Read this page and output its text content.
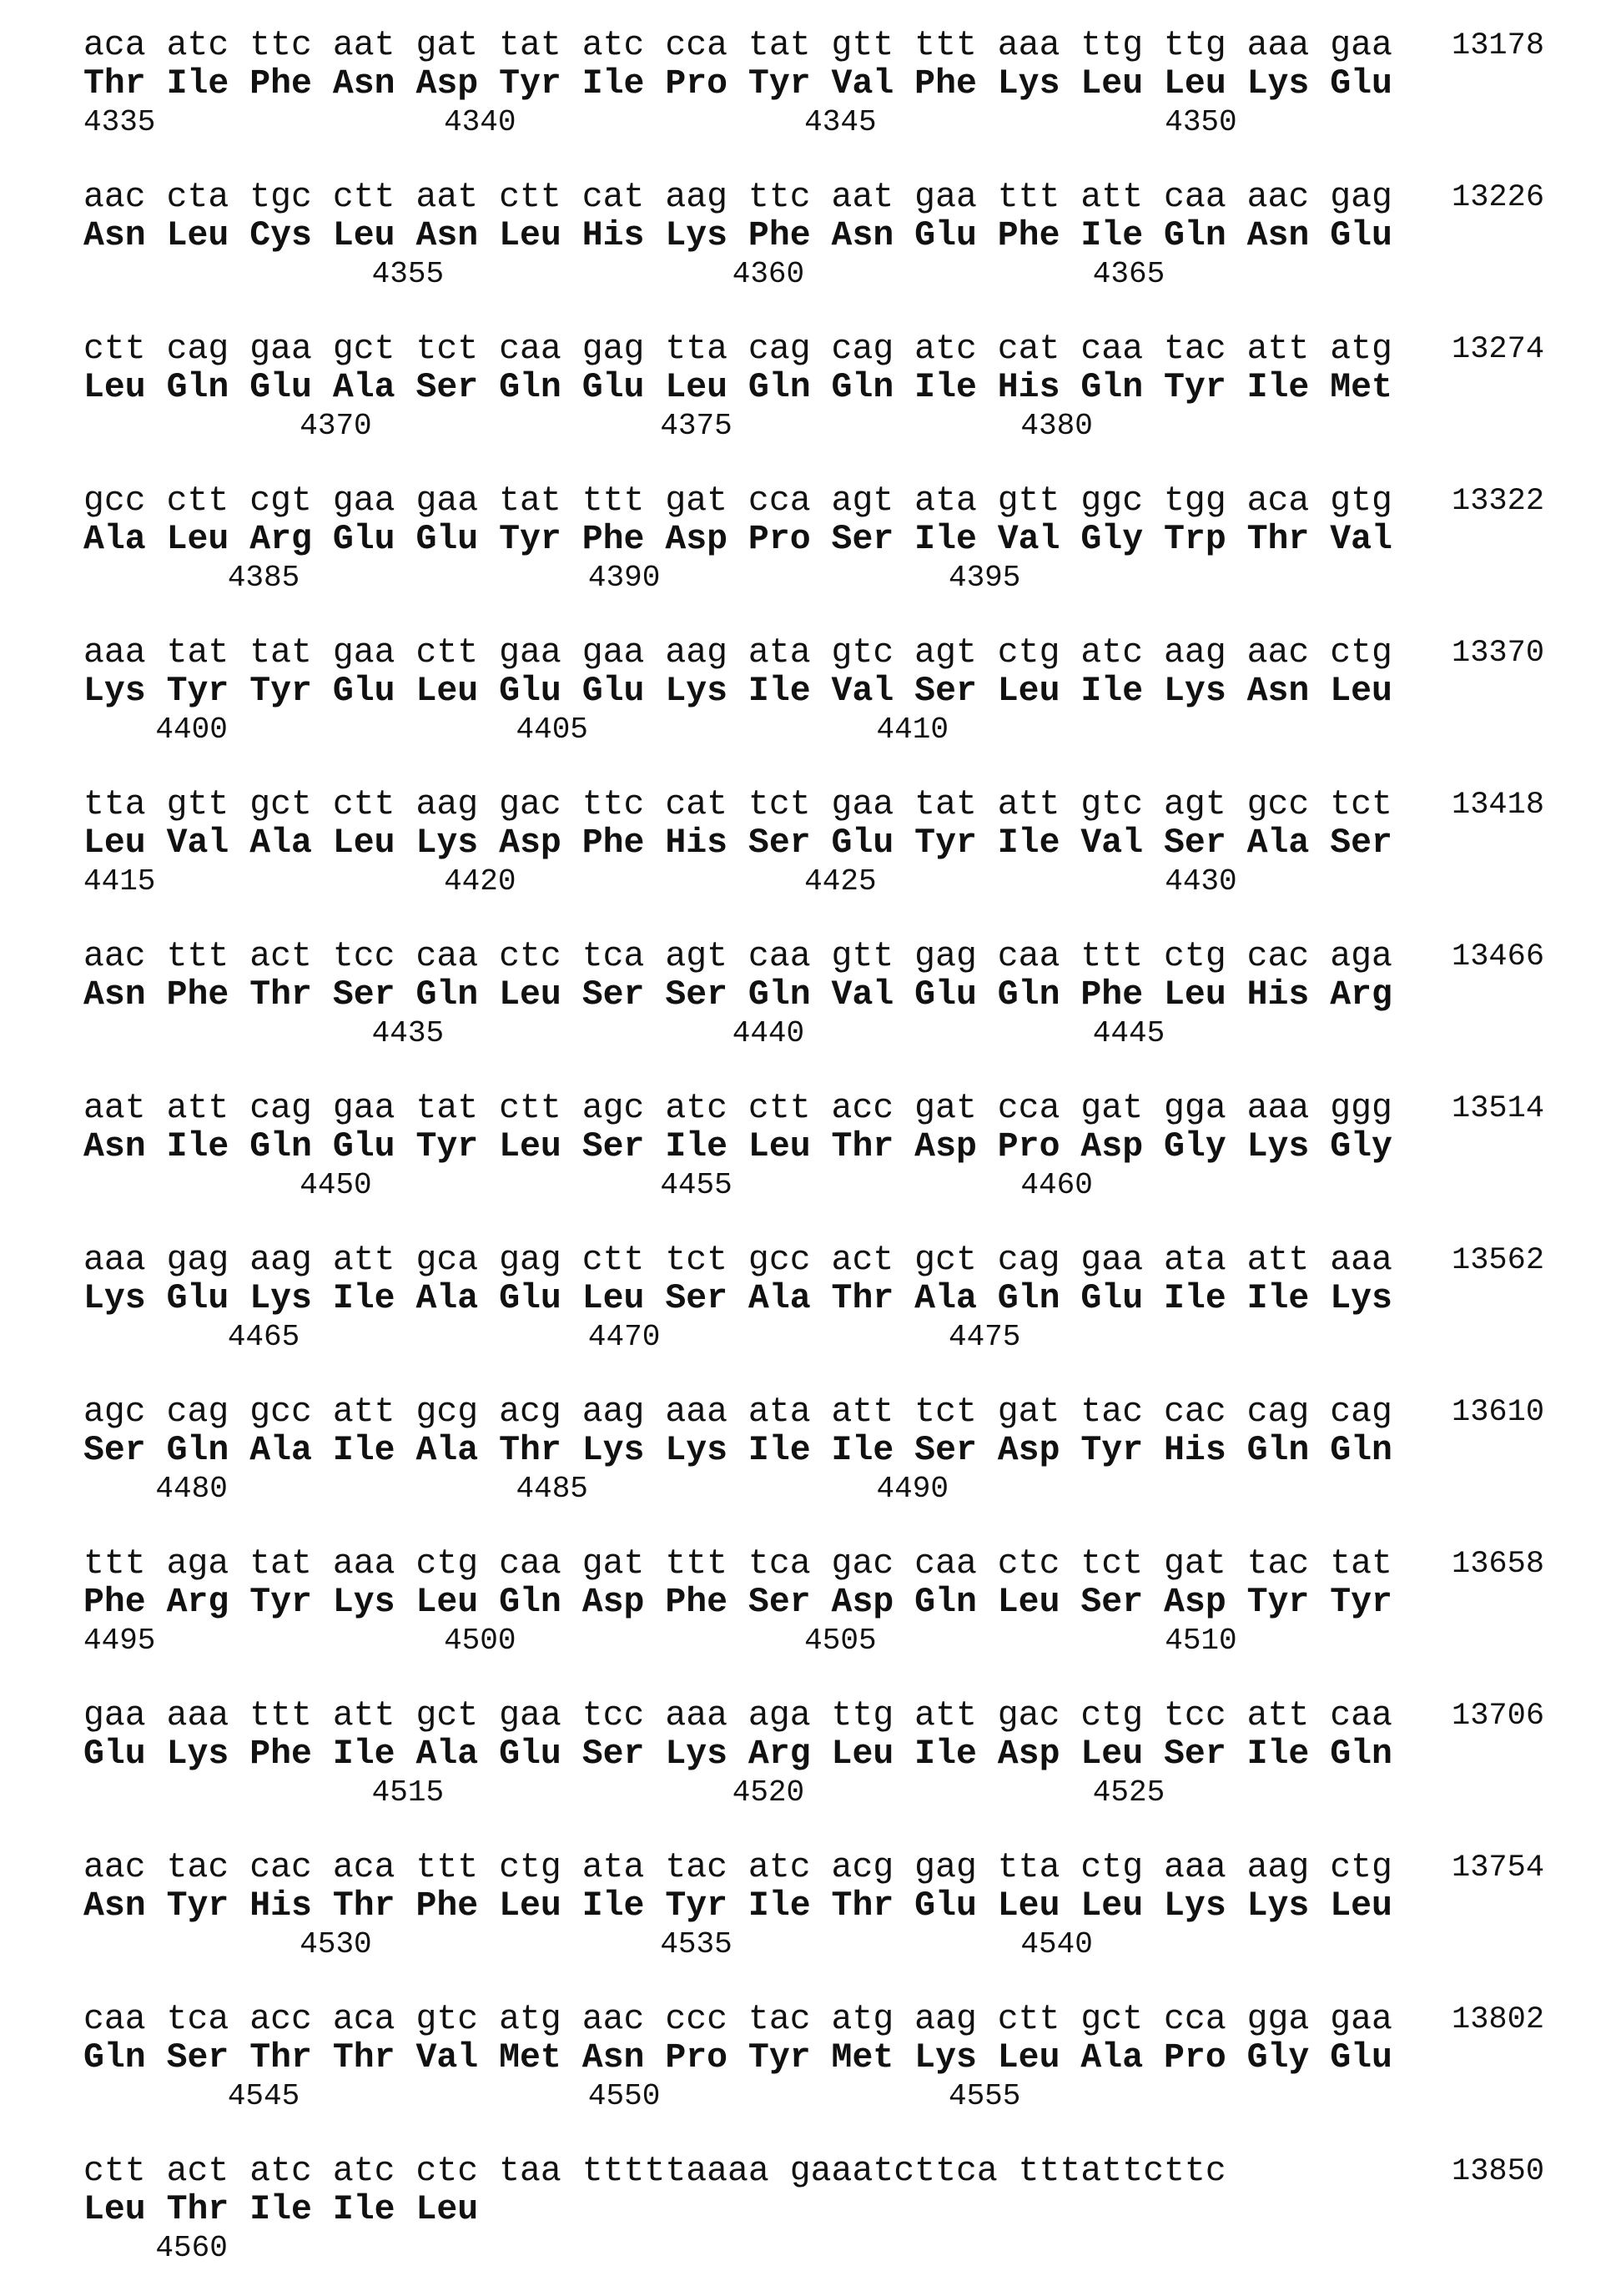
aca atc ttc aat gat tat atc cca tat gtt ttt aaa ttg ttg aaa gaa
Thr Ile Phe Asn Asp Tyr Ile Pro Tyr Val Phe Lys Leu Leu Lys Glu
4335                4340                4345                4350
13178
aac cta tgc ctt aat ctt cat aag ttc aat gaa ttt att caa aac gag
Asn Leu Cys Leu Asn Leu His Lys Phe Asn Glu Phe Ile Gln Asn Glu
4355                4360                4365
13226
ctt cag gaa gct tct caa gag tta cag cag atc cat caa tac att atg
Leu Gln Glu Ala Ser Gln Glu Leu Gln Gln Ile His Gln Tyr Ile Met
4370                4375                4380
13274
gcc ctt cgt gaa gaa tat ttt gat cca agt ata gtt ggc tgg aca gtg
Ala Leu Arg Glu Glu Tyr Phe Asp Pro Ser Ile Val Gly Trp Thr Val
4385                4390                4395
13322
aaa tat tat gaa ctt gaa gaa aag ata gtc agt ctg atc aag aac ctg
Lys Tyr Tyr Glu Leu Glu Glu Lys Ile Val Ser Leu Ile Lys Asn Leu
4400                4405                4410
13370
tta gtt gct ctt aag gac ttc cat tct gaa tat att gtc agt gcc tct
Leu Val Ala Leu Lys Asp Phe His Ser Glu Tyr Ile Val Ser Ala Ser
4415                4420                4425                4430
13418
aac ttt act tcc caa ctc tca agt caa gtt gag caa ttt ctg cac aga
Asn Phe Thr Ser Gln Leu Ser Ser Gln Val Glu Gln Phe Leu His Arg
4435                4440                4445
13466
aat att cag gaa tat ctt agc atc ctt acc gat cca gat gga aaa ggg
Asn Ile Gln Glu Tyr Leu Ser Ile Leu Thr Asp Pro Asp Gly Lys Gly
4450                4455                4460
13514
aaa gag aag att gca gag ctt tct gcc act gct cag gaa ata att aaa
Lys Glu Lys Ile Ala Glu Leu Ser Ala Thr Ala Gln Glu Ile Ile Lys
4465                4470                4475
13562
agc cag gcc att gcg acg aag aaa ata att tct gat tac cac cag cag
Ser Gln Ala Ile Ala Thr Lys Lys Ile Ile Ser Asp Tyr His Gln Gln
4480                4485                4490
13610
ttt aga tat aaa ctg caa gat ttt tca gac caa ctc tct gat tac tat
Phe Arg Tyr Lys Leu Gln Asp Phe Ser Asp Gln Leu Ser Asp Tyr Tyr
4495                4500                4505                4510
13658
gaa aaa ttt att gct gaa tcc aaa aga ttg att gac ctg tcc att caa
Glu Lys Phe Ile Ala Glu Ser Lys Arg Leu Ile Asp Leu Ser Ile Gln
4515                4520                4525
13706
aac tac cac aca ttt ctg ata tac atc acg gag tta ctg aaa aag ctg
Asn Tyr His Thr Phe Leu Ile Tyr Ile Thr Glu Leu Leu Lys Lys Leu
4530                4535                4540
13754
caa tca acc aca gtc atg aac ccc tac atg aag ctt gct cca gga gaa
Gln Ser Thr Thr Val Met Asn Pro Tyr Met Lys Leu Ala Pro Gly Glu
4545                4550                4555
13802
ctt act atc atc ctc taa tttttaaaa gaaatcttca tttattcttc
Leu Thr Ile Ile Leu
4560
13850
